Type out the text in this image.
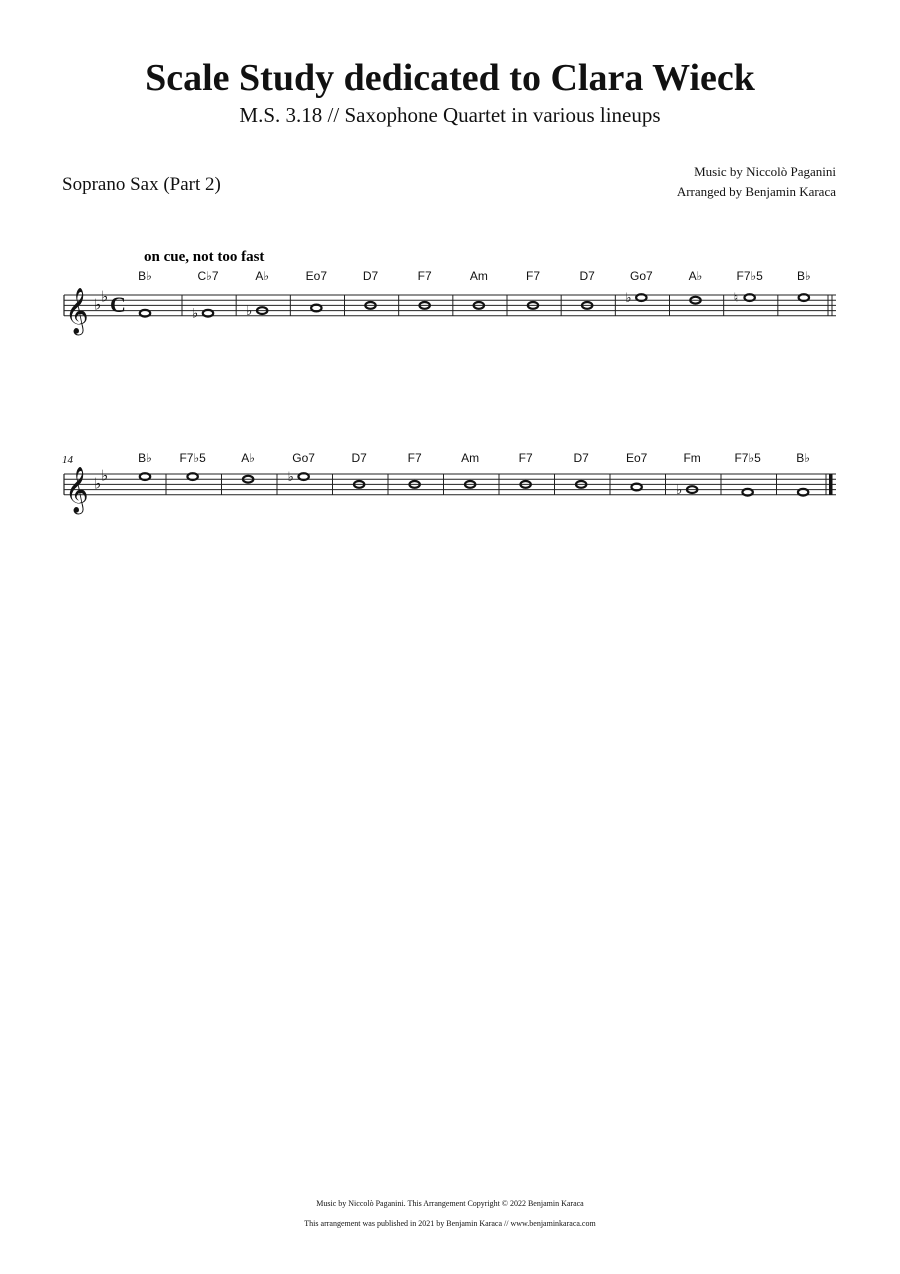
Scale Study dedicated to Clara Wieck
M.S. 3.18 // Saxophone Quartet in various lineups
Soprano Sax (Part 2)
Music by Niccolò Paganini
Arranged by Benjamin Karaca
on cue, not too fast
𝄞 ♭ ♭ C
B♭
♭
C♭7
♭
A♭	Eo7	D7	F7	Am	F7	D7
♭
Go7	A♭
♮
F7♭5	B♭
𝄞 ♭ ♭
14	B♭ F7♭5	A♭
♭
Go7	D7	F7	Am	F7	D7	Eo7
♭
Fm	F7♭5	B♭
Music by Niccolò Paganini. This Arrangement Copyright © 2022 Benjamin Karaca
This arrangement was published in 2021 by Benjamin Karaca // www.benjaminkaraca.com
